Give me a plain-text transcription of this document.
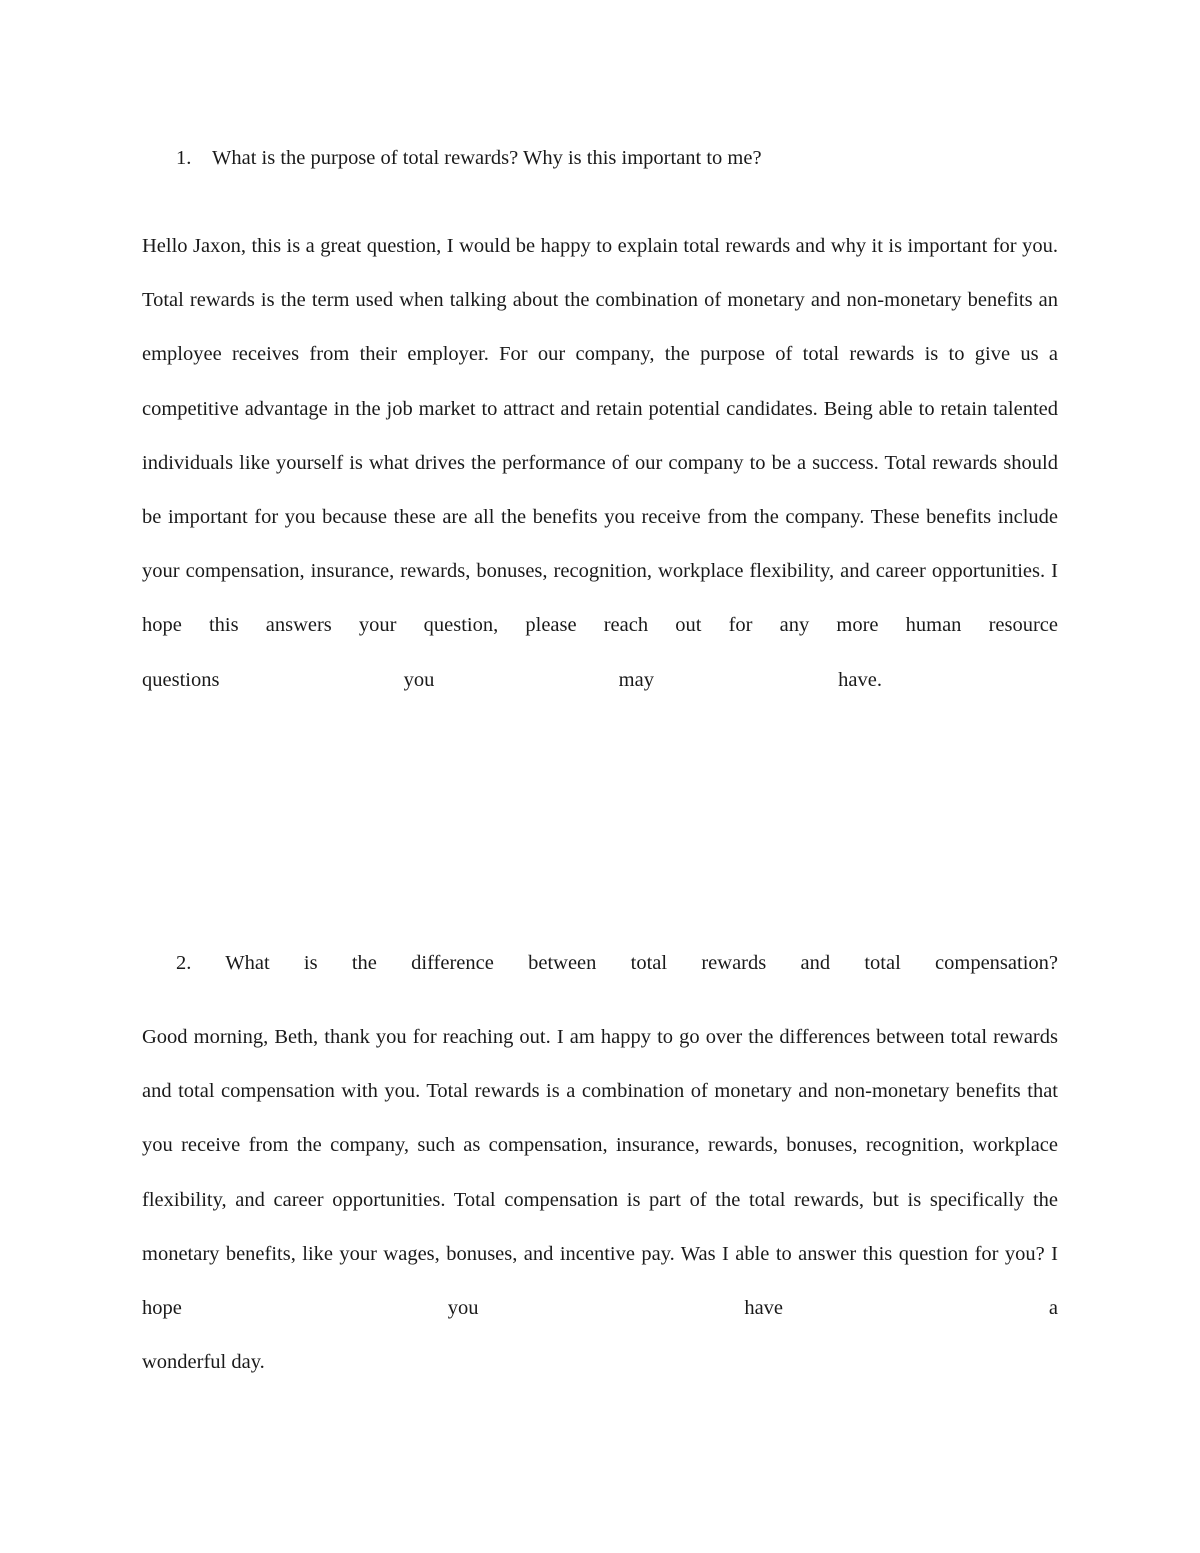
1. What is the purpose of total rewards? Why is this important to me?
Hello Jaxon, this is a great question, I would be happy to explain total rewards and why it is important for you. Total rewards is the term used when talking about the combination of monetary and non-monetary benefits an employee receives from their employer. For our company, the purpose of total rewards is to give us a competitive advantage in the job market to attract and retain potential candidates. Being able to retain talented individuals like yourself is what drives the performance of our company to be a success. Total rewards should be important for you because these are all the benefits you receive from the company. These benefits include your compensation, insurance, rewards, bonuses, recognition, workplace flexibility, and career opportunities. I hope this answers your question, please reach out for any more human resource
questions you may have.
2. What is the difference between total rewards and total compensation?
Good morning, Beth, thank you for reaching out. I am happy to go over the differences between total rewards and total compensation with you. Total rewards is a combination of monetary and non-monetary benefits that you receive from the company, such as compensation, insurance, rewards, bonuses, recognition, workplace flexibility, and career opportunities. Total compensation is part of the total rewards, but is specifically the monetary benefits, like your wages, bonuses, and incentive pay. Was I able to answer this question for you? I hope you have a
wonderful day.
